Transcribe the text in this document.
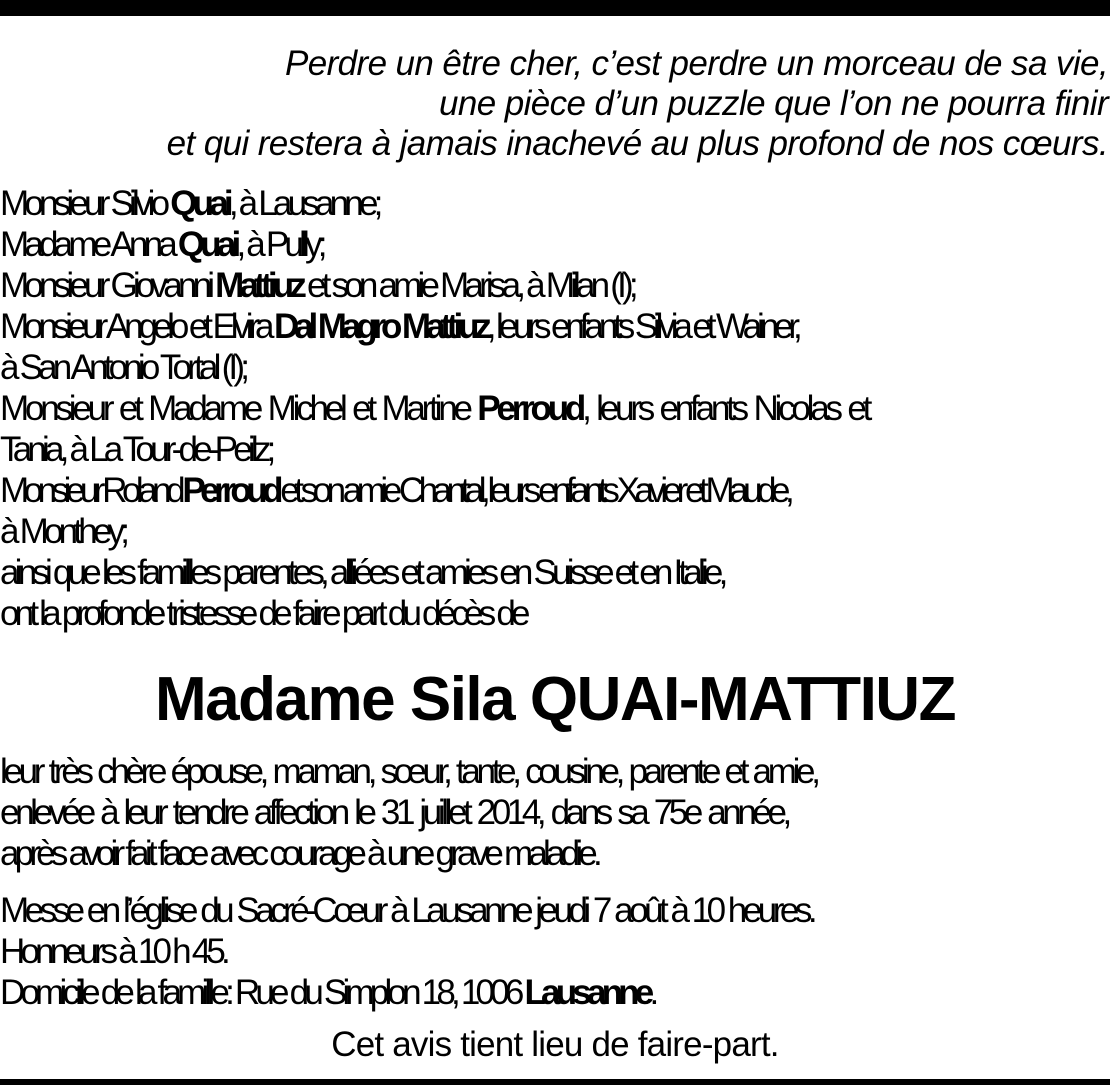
Perdre un être cher, c’est perdre un morceau de sa vie,
une pièce d’un puzzle que l’on ne pourra finir
et qui restera à jamais inachevé au plus profond de nos cœurs.
Monsieur Silvio Quai, à Lausanne;
Madame Anna Quai, à Pully;
Monsieur Giovanni Mattiuz et son amie Marisa, à Milan (I);
Monsieur Angelo et Elvira Dal Magro Mattiuz, leurs enfants Silvia et Wainer,
à San Antonio Tortal (I);
Monsieur et Madame Michel et Martine Perroud, leurs enfants Nicolas et
Tania, à La Tour-de-Peilz;
Monsieur Roland Perroud et son amie Chantal, leurs enfants Xavier et Maude,
à Monthey;
ainsi que les familles parentes, alliées et amies en Suisse et en Italie,
ont la profonde tristesse de faire part du décès de
Madame Sila QUAI-MATTIUZ
leur très chère épouse, maman, sœur, tante, cousine, parente et amie,
enlevée à leur tendre affection le 31 juillet 2014, dans sa 75e année,
après avoir fait face avec courage à une grave maladie.
Messe en l’église du Sacré-Cœur à Lausanne jeudi 7 août à 10 heures.
Honneurs à 10 h 45.
Domicile de la famille: Rue du Simplon 18, 1006 Lausanne.
Cet avis tient lieu de faire-part.
